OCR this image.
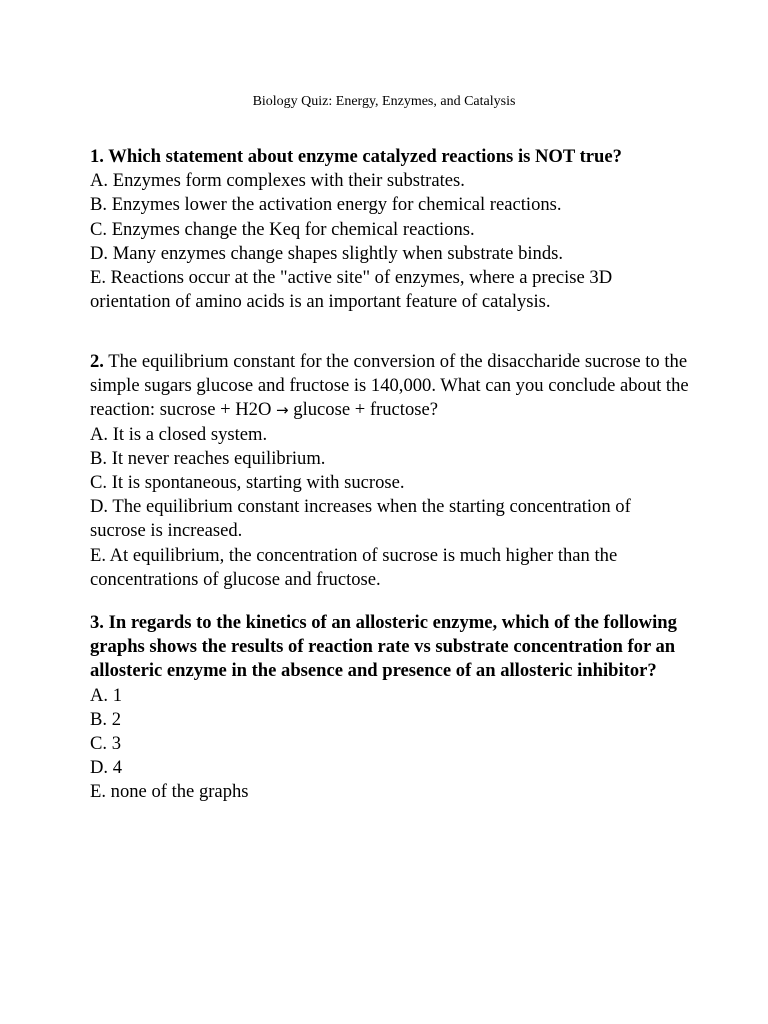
Biology Quiz: Energy, Enzymes, and Catalysis

1. Which statement about enzyme catalyzed reactions is NOT true?

A. Enzymes form complexes with their substrates.

B. Enzymes lower the activation energy for chemical reactions.

C. Enzymes change the Keq for chemical reactions.

D. Many enzymes change shapes slightly when substrate binds.

E. Reactions occur at the "active site" of enzymes, where a precise 3D orientation of amino acids is an important feature of catalysis.

2. The equilibrium constant for the conversion of the disaccharide sucrose to the simple sugars glucose and fructose is 140,000. What can you conclude about the reaction: sucrose + H2O → glucose + fructose?

A. It is a closed system.

B. It never reaches equilibrium.

C. It is spontaneous, starting with sucrose.

D. The equilibrium constant increases when the starting concentration of sucrose is increased.

E. At equilibrium, the concentration of sucrose is much higher than the concentrations of glucose and fructose.

3. In regards to the kinetics of an allosteric enzyme, which of the following graphs shows the results of reaction rate vs substrate concentration for an allosteric enzyme in the absence and presence of an allosteric inhibitor?

A. 1

B. 2

C. 3

D. 4

E. none of the graphs
